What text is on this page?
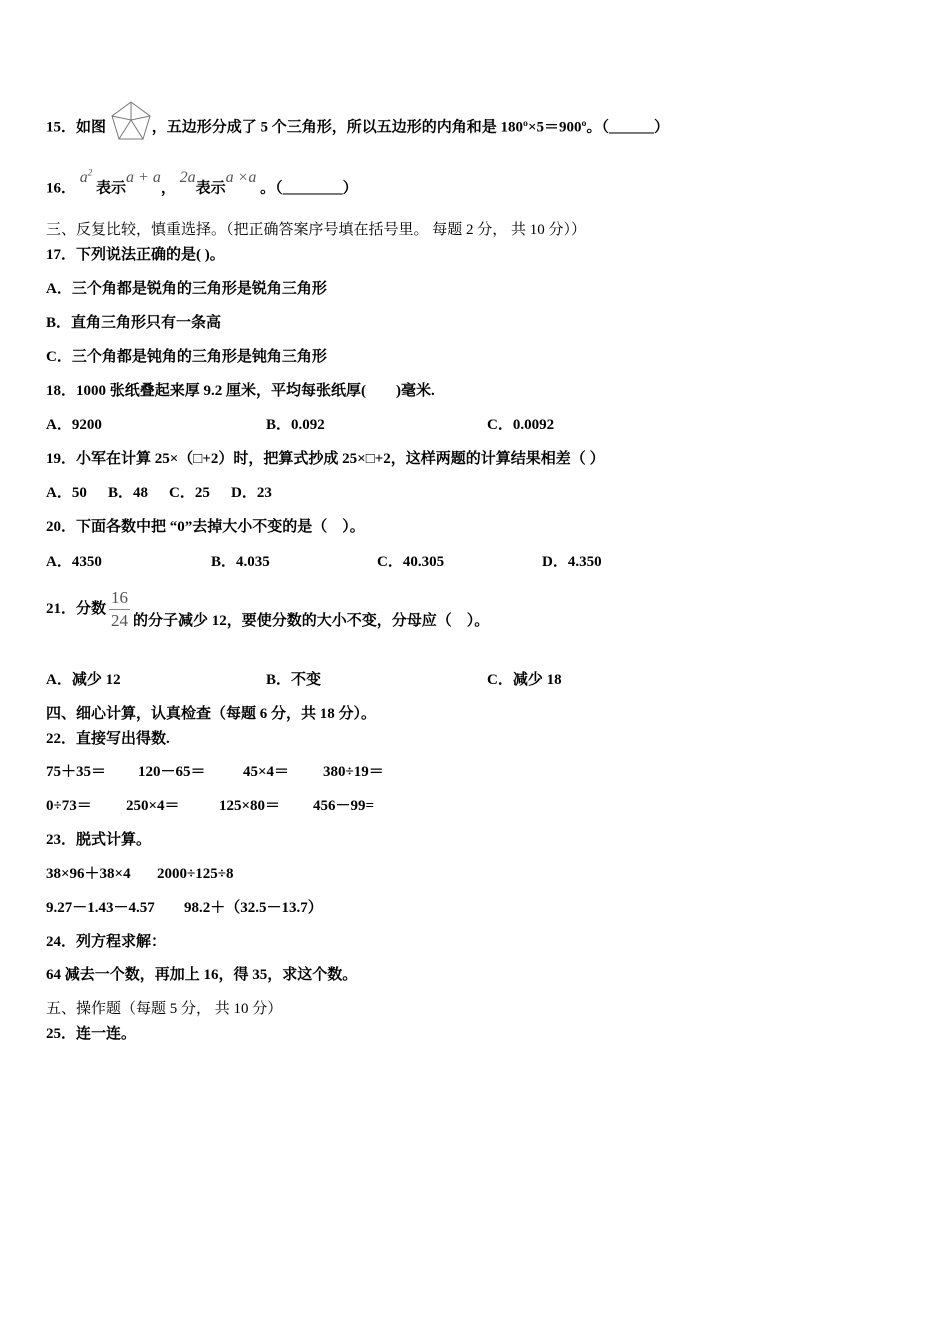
15．如图	，五边形分成了 5 个三角形，所以五边形的内角和是 180º×5＝900º。（______）
16． $a^2$ 表示a + a， 2a表示a ×a 。（________）
三、反复比较，慎重选择。（把正确答案序号填在括号里。 每题 2 分， 共 10 分））
17．下列说法正确的是( )。
A．三个角都是锐角的三角形是锐角三角形
B．直角三角形只有一条高
C．三个角都是钝角的三角形是钝角三角形
18．1000 张纸叠起来厚 9.2 厘米，平均每张纸厚(　　)毫米.
A．9200	B．0.092	C．0.0092
19．小军在计算 25×（□+2）时，把算式抄成 25×□+2，这样两题的计算结果相差（ ）
A．50 B．48 C．25 D．23
20．下面各数中把 “0”去掉大小不变的是（　）。
A．4350	B．4.035	C．40.305	D．4.350
21．分数 $\frac{16}{24}$ 的分子减少 12，要使分数的大小不变，分母应（　）。
A．减少 12	B．不变	C．减少 18
四、细心计算，认真检查（每题 6 分，共 18 分）。
22．直接写出得数.
75＋35＝ 120－65＝ 45×4＝ 380÷19＝
0÷73＝ 250×4＝	125×80＝ 456－99=
23．脱式计算。
38×96＋38×4 2000÷125÷8
9.27－1.43－4.57 98.2＋（32.5－13.7）
24．列方程求解：
64 减去一个数，再加上 16，得 35，求这个数。
五、操作题（每题 5 分， 共 10 分）
25．连一连。
